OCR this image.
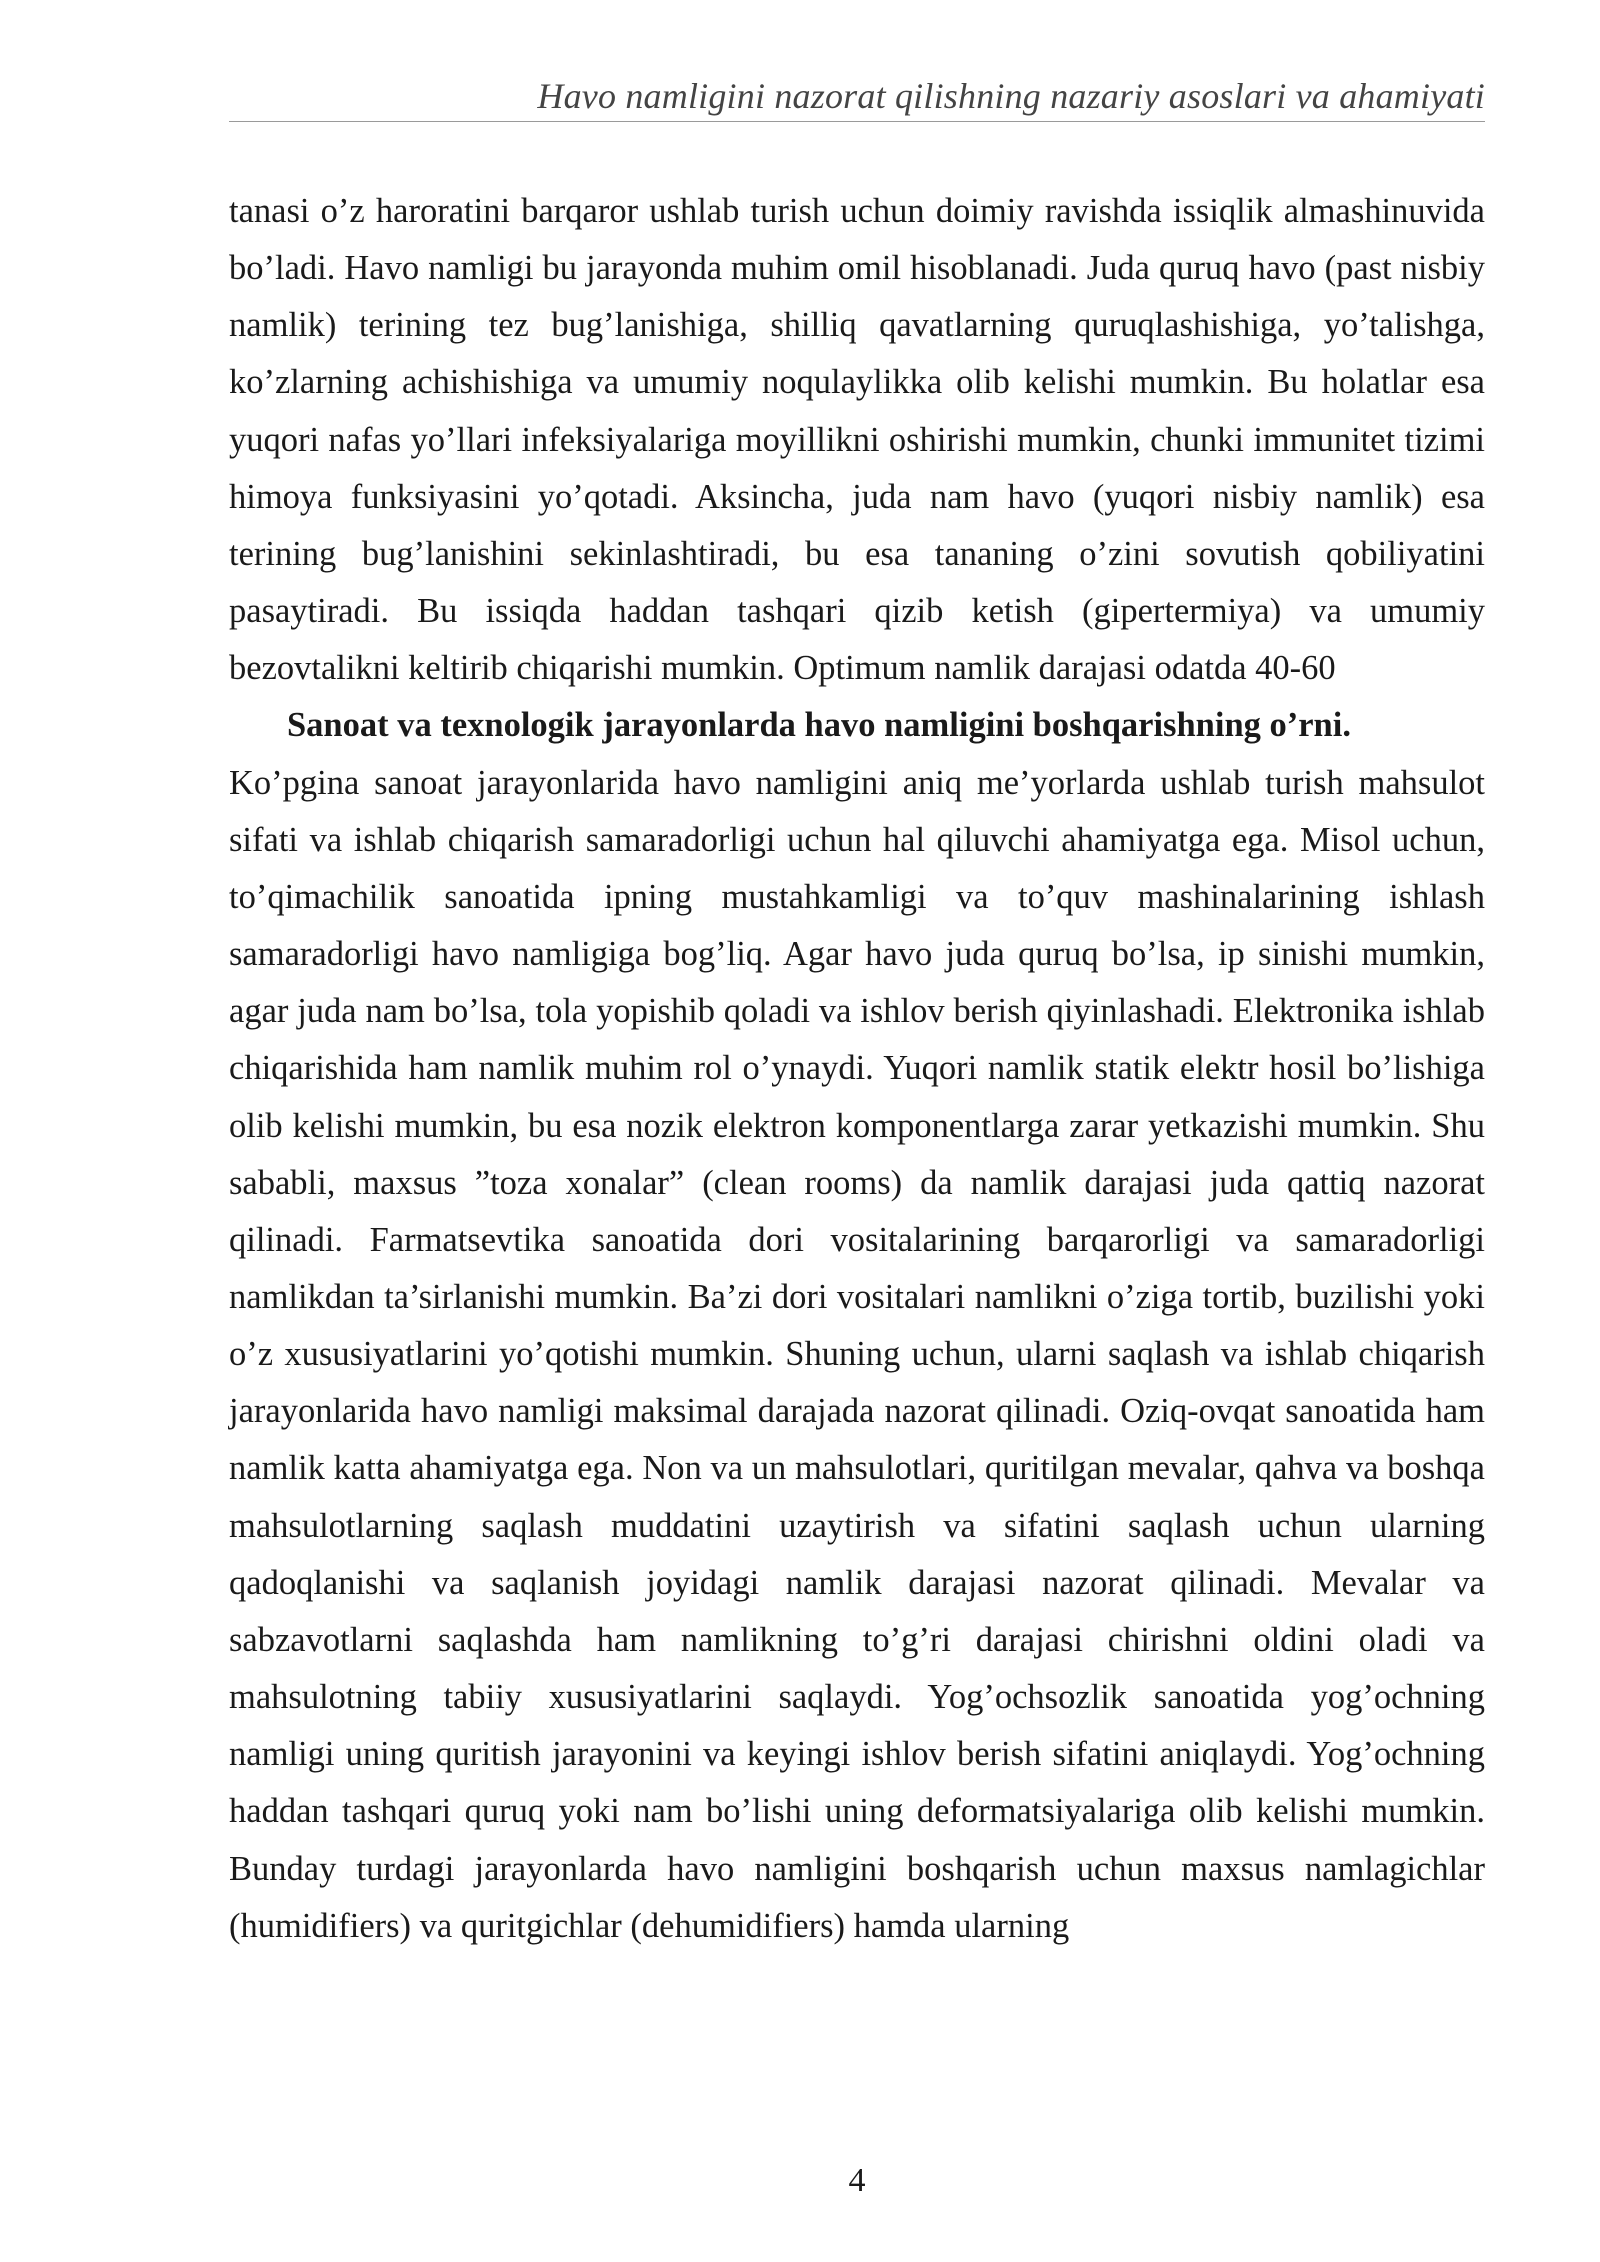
Havo namligini nazorat qilishning nazariy asoslari va ahamiyati

tanasi o’z haroratini barqaror ushlab turish uchun doimiy ravishda issiqlik almashinuvida bo’ladi. Havo namligi bu jarayonda muhim omil hisoblanadi. Juda quruq havo (past nisbiy namlik) terining tez bug’lanishiga, shilliq qavatlarning quruqlashishiga, yo’talishga, ko’zlarning achishishiga va umumiy noqulaylikka olib kelishi mumkin. Bu holatlar esa yuqori nafas yo’llari infeksiyalariga moyillikni oshirishi mumkin, chunki immunitet tizimi himoya funksiyasini yo’qotadi. Aksincha, juda nam havo (yuqori nisbiy namlik) esa terining bug’lanishini sekinlashtiradi, bu esa tananing o’zini sovutish qobiliyatini pasaytiradi. Bu issiqda haddan tashqari qizib ketish (gipertermiya) va umumiy bezovtalikni keltirib chiqarishi mumkin. Optimum namlik darajasi odatda 40-60

Sanoat va texnologik jarayonlarda havo namligini boshqarishning o’rni.

Ko’pgina sanoat jarayonlarida havo namligini aniq me’yorlarda ushlab turish mahsulot sifati va ishlab chiqarish samaradorligi uchun hal qiluvchi ahamiyatga ega. Misol uchun, to’qimachilik sanoatida ipning mustahkamligi va to’quv mashinalarining ishlash samaradorligi havo namligiga bog’liq. Agar havo juda quruq bo’lsa, ip sinishi mumkin, agar juda nam bo’lsa, tola yopishib qoladi va ishlov berish qiyinlashadi. Elektronika ishlab chiqarishida ham namlik muhim rol o’ynaydi. Yuqori namlik statik elektr hosil bo’lishiga olib kelishi mumkin, bu esa nozik elektron komponentlarga zarar yetkazishi mumkin. Shu sababli, maxsus ”toza xonalar” (clean rooms) da namlik darajasi juda qattiq nazorat qilinadi. Farmatsevtika sanoatida dori vositalarining barqarorligi va samaradorligi namlikdan ta’sirlanishi mumkin. Ba’zi dori vositalari namlikni o’ziga tortib, buzilishi yoki o’z xususiyatlarini yo’qotishi mumkin. Shuning uchun, ularni saqlash va ishlab chiqarish jarayonlarida havo namligi maksimal darajada nazorat qilinadi. Oziq-ovqat sanoatida ham namlik katta ahamiyatga ega. Non va un mahsulotlari, quritilgan mevalar, qahva va boshqa mahsulotlarning saqlash muddatini uzaytirish va sifatini saqlash uchun ularning qadoqlanishi va saqlanish joyidagi namlik darajasi nazorat qilinadi. Mevalar va sabzavotlarni saqlashda ham namlikning to’g’ri darajasi chirishni oldini oladi va mahsulotning tabiiy xususiyatlarini saqlaydi. Yog’ochsozlik sanoatida yog’ochning namligi uning quritish jarayonini va keyingi ishlov berish sifatini aniqlaydi. Yog’ochning haddan tashqari quruq yoki nam bo’lishi uning deformatsiyalariga olib kelishi mumkin. Bunday turdagi jarayonlarda havo namligini boshqarish uchun maxsus namlagichlar (humidifiers) va quritgichlar (dehumidifiers) hamda ularning

4
